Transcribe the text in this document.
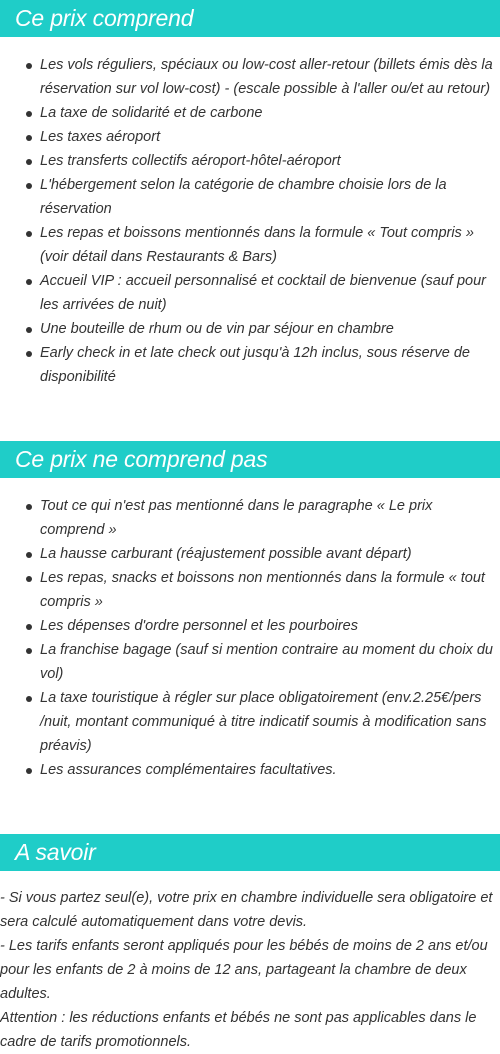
Ce prix comprend
Les vols réguliers, spéciaux ou low-cost aller-retour (billets émis dès la réservation sur vol low-cost) - (escale possible à l'aller ou/et au retour)
La taxe de solidarité et de carbone
Les taxes aéroport
Les transferts collectifs aéroport-hôtel-aéroport
L'hébergement selon la catégorie de chambre choisie lors de la réservation
Les repas et boissons mentionnés dans la formule « Tout compris » (voir détail dans Restaurants & Bars)
Accueil VIP : accueil personnalisé et cocktail de bienvenue (sauf pour les arrivées de nuit)
Une bouteille de rhum ou de vin par séjour en chambre
Early check in et late check out jusqu'à 12h inclus, sous réserve de disponibilité
Ce prix ne comprend pas
Tout ce qui n'est pas mentionné dans le paragraphe « Le prix comprend »
La hausse carburant (réajustement possible avant départ)
Les repas, snacks et boissons non mentionnés dans la formule « tout compris »
Les dépenses d'ordre personnel et les pourboires
La franchise bagage (sauf si mention contraire au moment du choix du vol)
La taxe touristique à régler sur place obligatoirement (env.2.25€/pers /nuit, montant communiqué à titre indicatif soumis à modification sans préavis)
Les assurances complémentaires facultatives.
A savoir

- Si vous partez seul(e), votre prix en chambre individuelle sera obligatoire et sera calculé automatiquement dans votre devis.

- Les tarifs enfants seront appliqués pour les bébés de moins de 2 ans et/ou pour les enfants de 2 à moins de 12 ans, partageant la chambre de deux adultes.

Attention : les réductions enfants et bébés ne sont pas applicables dans le cadre de tarifs promotionnels.
